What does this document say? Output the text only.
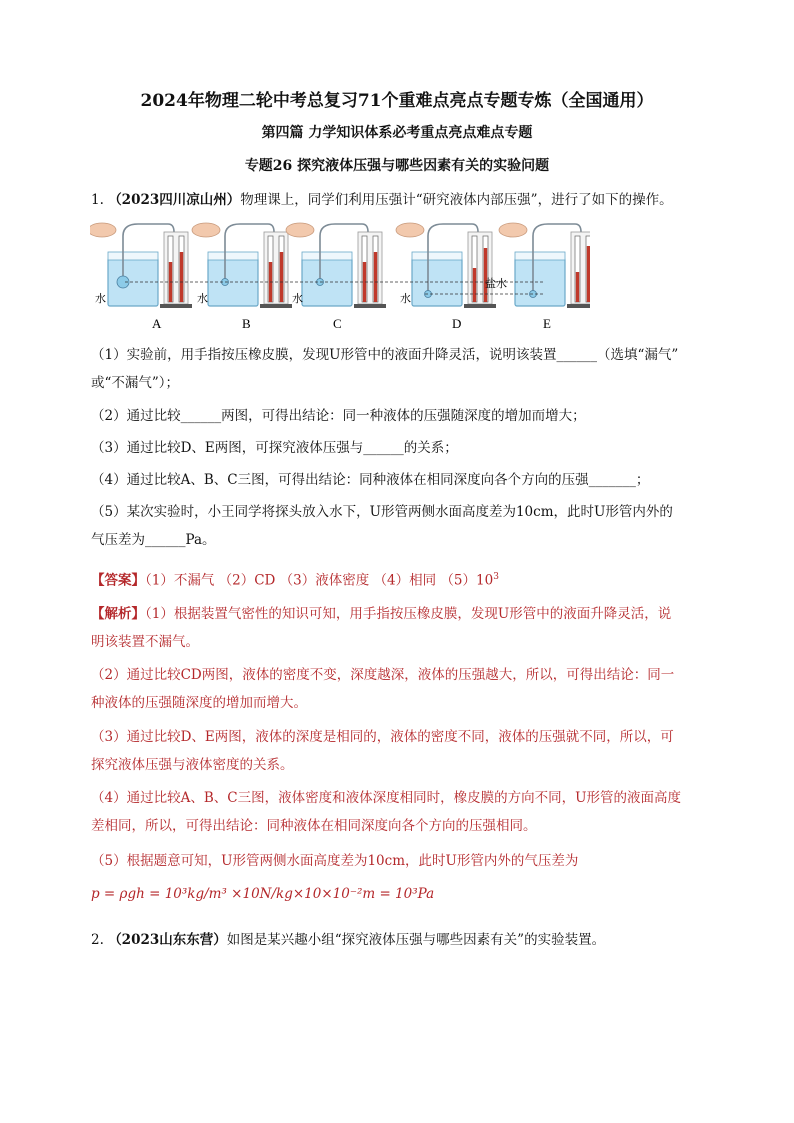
2024年物理二轮中考总复习71个重难点亮点专题专炼（全国通用）
第四篇 力学知识体系必考重点亮点难点专题
专题26 探究液体压强与哪些因素有关的实验问题
1. （2023四川凉山州）物理课上，同学们利用压强计“研究液体内部压强”，进行了如下的操作。
A	B	C	D	E
水	水	水	水
盐水
（1）实验前，用手指按压橡皮膜，发现U形管中的液面升降灵活，说明该装置______（选填“漏气”
或“不漏气”）；
（2）通过比较______两图，可得出结论：同一种液体的压强随深度的增加而增大；
（3）通过比较D、E两图，可探究液体压强与______的关系；
（4）通过比较A、B、C三图，可得出结论：同种液体在相同深度向各个方向的压强_______；
（5）某次实验时，小王同学将探头放入水下，U形管两侧水面高度差为10cm，此时U形管内外的
气压差为______Pa。
【答案】（1）不漏气 （2）CD （3）液体密度 （4）相同 $(5)10^3$
【解析】（1）根据装置气密性的知识可知，用手指按压橡皮膜，发现U形管中的液面升降灵活，说
明该装置不漏气。
（2）通过比较CD两图，液体的密度不变，深度越深，液体的压强越大，所以，可得出结论：同一
种液体的压强随深度的增加而增大。
（3）通过比较D、E两图，液体的深度是相同的，液体的密度不同，液体的压强就不同，所以，可
探究液体压强与液体密度的关系。
（4）通过比较A、B、C三图，液体密度和液体深度相同时，橡皮膜的方向不同，U形管的液面高度
差相同，所以，可得出结论：同种液体在相同深度向各个方向的压强相同。
（5）根据题意可知，U形管两侧水面高度差为10cm，此时U形管内外的气压差为
p = ρgh = 10³kg/m³ ×10N/kg×10×10⁻²m = 10³Pa
2. （2023山东东营）如图是某兴趣小组“探究液体压强与哪些因素有关”的实验装置。
